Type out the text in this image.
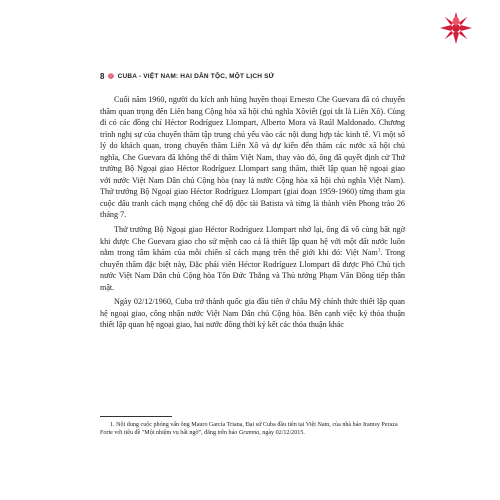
8 ❁ CUBA - VIỆT NAM: HAI DÂN TỘC, MỘT LỊCH SỬ

Cuối năm 1960, người du kích anh hùng huyền thoại Ernesto Che Guevara đã có chuyến thăm quan trọng đến Liên bang Cộng hòa xã hội chủ nghĩa Xôviết (gọi tắt là Liên Xô). Cùng đi có các đồng chí Héctor Rodríguez Llompart, Alberto Mora và Raúl Maldonado. Chương trình nghị sự của chuyến thăm tập trung chủ yếu vào các nội dung hợp tác kinh tế. Vì một số lý do khách quan, trong chuyến thăm Liên Xô và dự kiến đến thăm các nước xã hội chủ nghĩa, Che Guevara đã không thể đi thăm Việt Nam, thay vào đó, ông đã quyết định cử Thứ trưởng Bộ Ngoại giao Héctor Rodríguez Llompart sang thăm, thiết lập quan hệ ngoại giao với nước Việt Nam Dân chủ Cộng hòa (nay là nước Cộng hòa xã hội chủ nghĩa Việt Nam). Thứ trưởng Bộ Ngoại giao Héctor Rodríguez Llompart (giai đoạn 1959-1960) từng tham gia cuộc đấu tranh cách mạng chống chế độ độc tài Batista và từng là thành viên Phong trào 26 tháng 7.

Thứ trưởng Bộ Ngoại giao Héctor Rodríguez Llompart nhớ lại, ông đã vô cùng bất ngờ khi được Che Guevara giao cho sứ mệnh cao cả là thiết lập quan hệ với một đất nước luôn nằm trong tâm khảm của mỗi chiến sĩ cách mạng trên thế giới khi đó: Việt Nam$^1$. Trong chuyến thăm đặc biệt này, Đặc phái viên Héctor Rodríguez Llompart đã được Phó Chủ tịch nước Việt Nam Dân chủ Cộng hòa Tôn Đức Thắng và Thủ tướng Phạm Văn Đồng tiếp thân mật.

Ngày 02/12/1960, Cuba trở thành quốc gia đầu tiên ở châu Mỹ chính thức thiết lập quan hệ ngoại giao, công nhận nước Việt Nam Dân chủ Cộng hòa. Bên cạnh việc ký thỏa thuận thiết lập quan hệ ngoại giao, hai nước đồng thời ký kết các thỏa thuận khác

1. Nội dung cuộc phỏng vấn ông Mauro García Triana, Đại sứ Cuba đầu tiên tại Việt Nam, của nhà báo Iramsy Peraza Forte với tiêu đề "Một nhiệm vụ bất ngờ", đăng trên báo Granma, ngày 02/12/2015.
